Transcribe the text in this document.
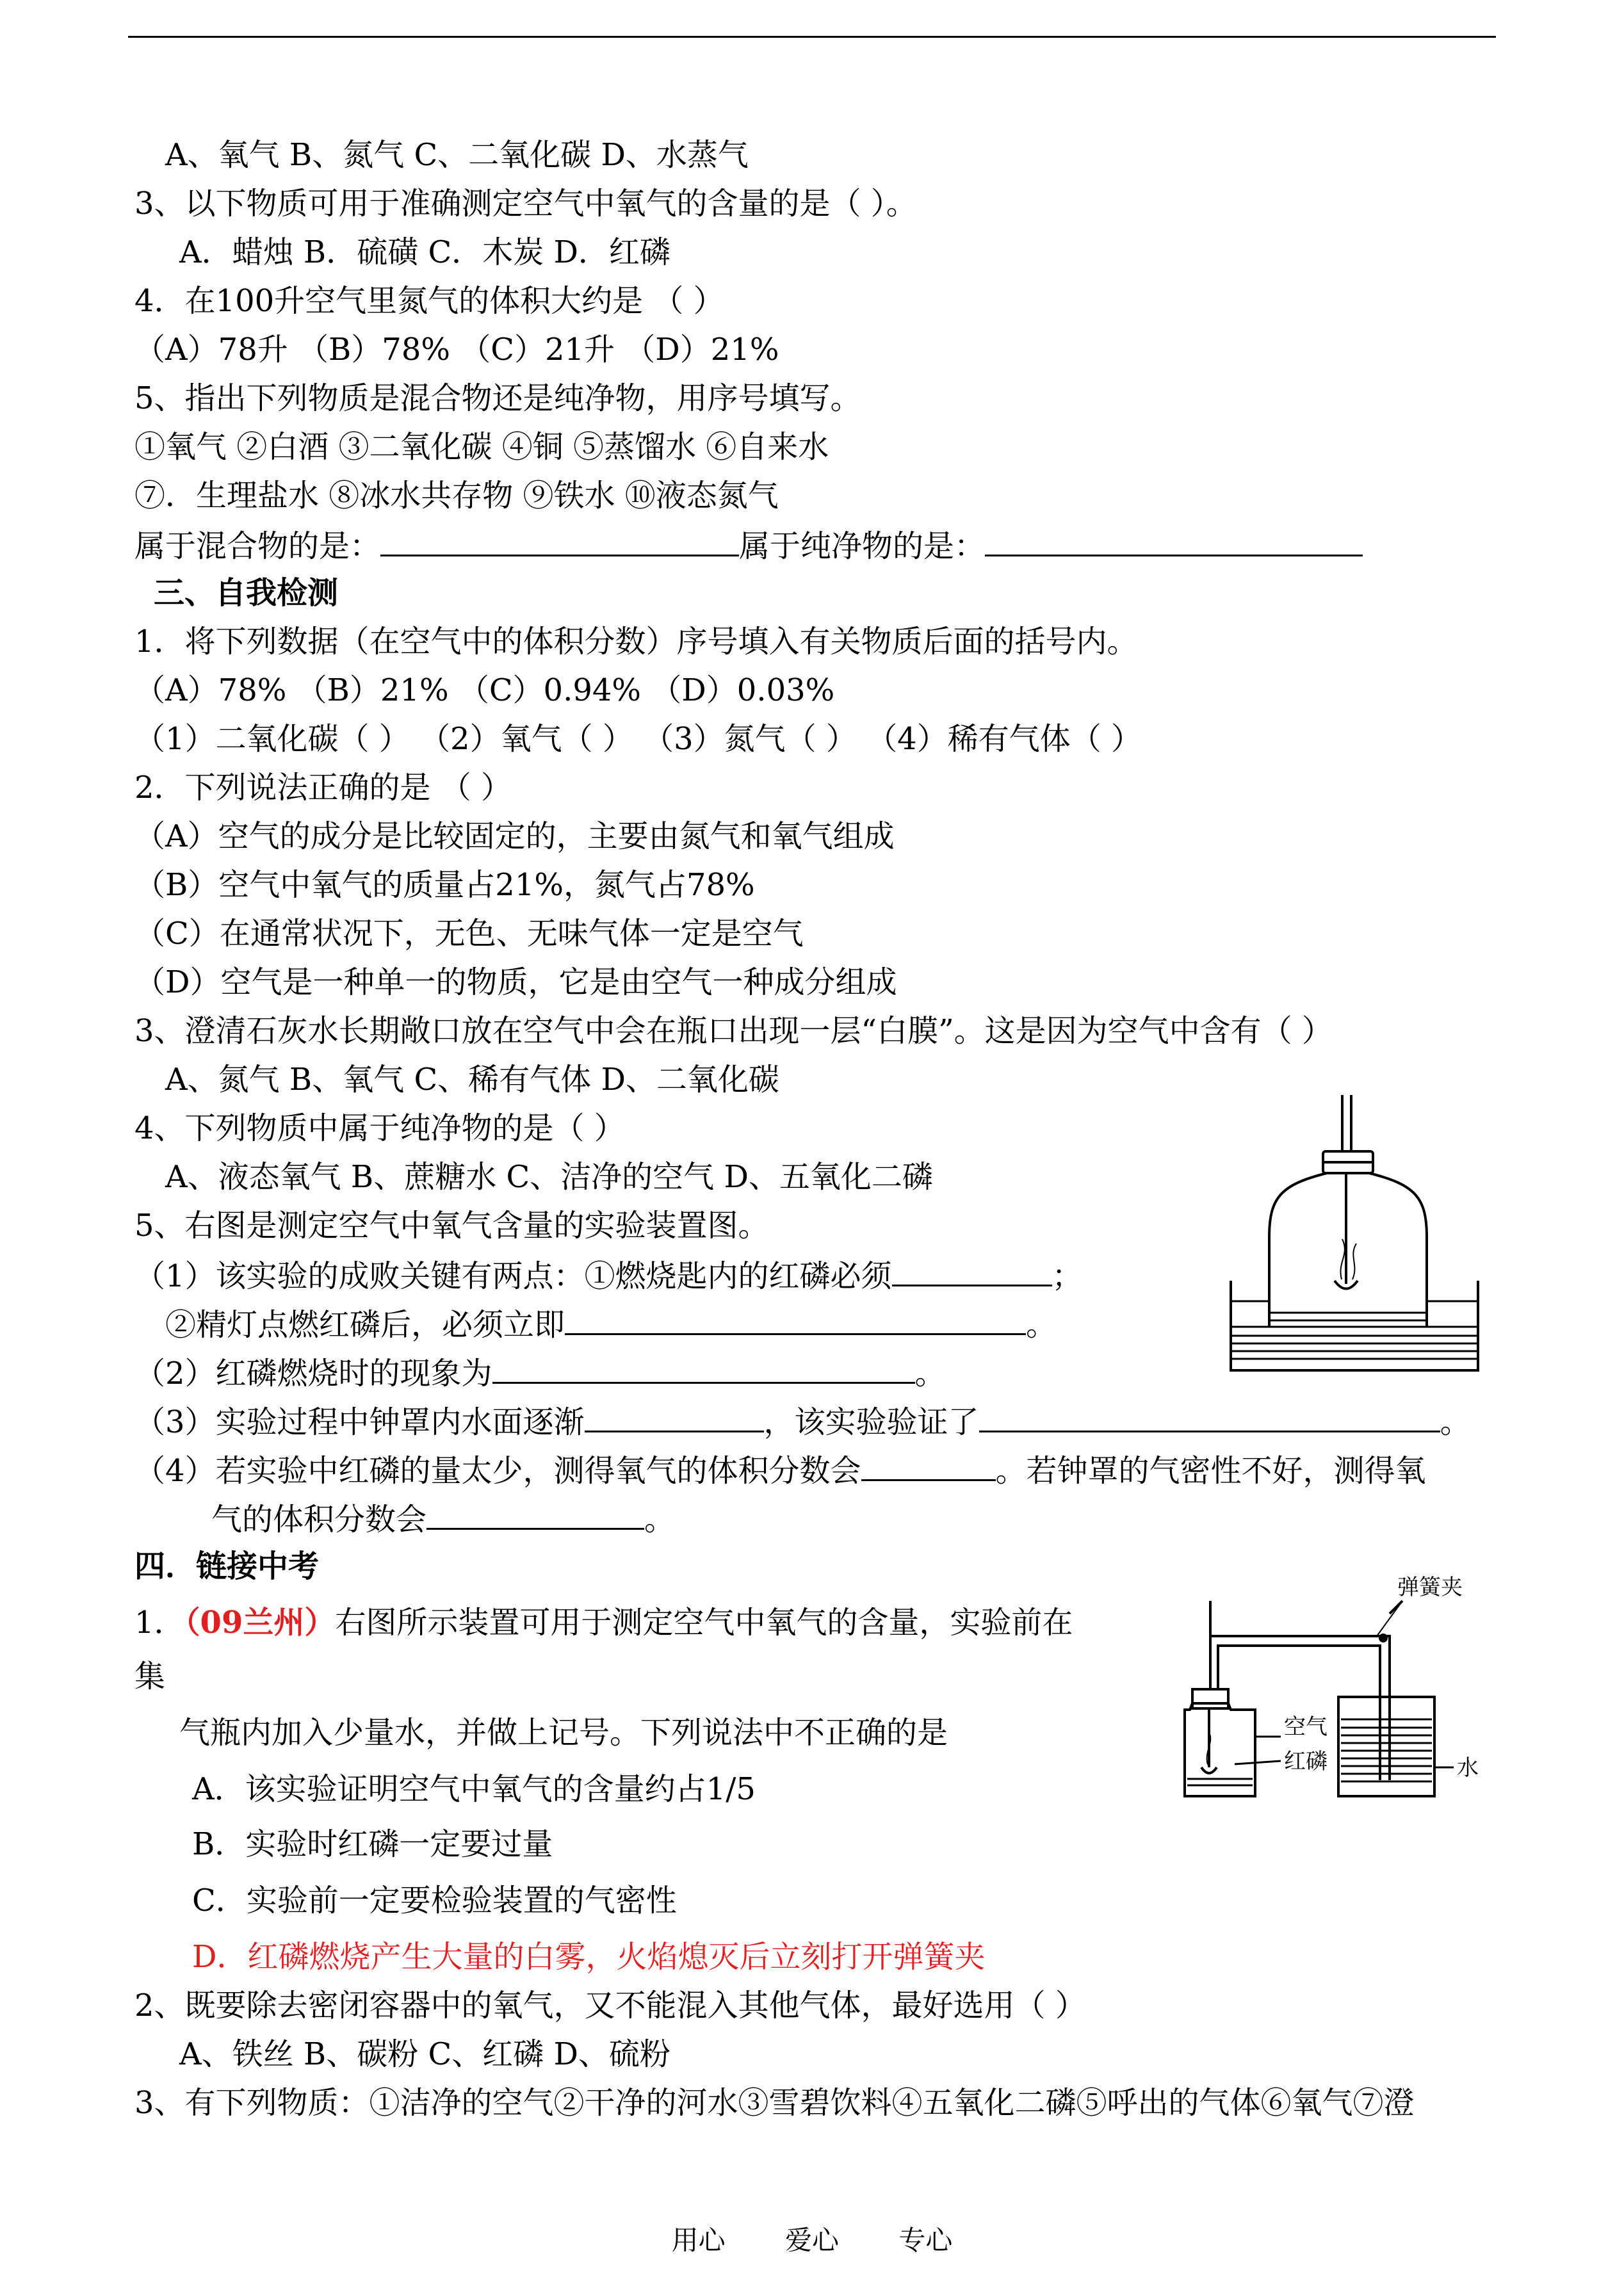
A、氧气 B、氮气 C、二氧化碳 D、水蒸气
3、以下物质可用于准确测定空气中氧气的含量的是（ ）。
A．蜡烛 B．硫磺 C．木炭 D．红磷
4．在100升空气里氮气的体积大约是 （ ）
（A）78升 （B）78% （C）21升 （D）21%
5、指出下列物质是混合物还是纯净物，用序号填写。
①氧气 ②白酒 ③二氧化碳 ④铜 ⑤蒸馏水 ⑥自来水
⑦．生理盐水 ⑧冰水共存物 ⑨铁水 ⑩液态氮气
属于混合物的是：	属于纯净物的是：
三、自我检测
1．将下列数据（在空气中的体积分数）序号填入有关物质后面的括号内。
（A）78% （B）21% （C）0.94% （D）0.03%
（1）二氧化碳（ ） （2）氧气（ ） （3）氮气（ ） （4）稀有气体（ ）
2．下列说法正确的是 （ ）
（A）空气的成分是比较固定的，主要由氮气和氧气组成
（B）空气中氧气的质量占21%，氮气占78%
（C）在通常状况下，无色、无味气体一定是空气
（D）空气是一种单一的物质，它是由空气一种成分组成
3、澄清石灰水长期敞口放在空气中会在瓶口出现一层“白膜”。这是因为空气中含有（ ）
A、氮气 B、氧气 C、稀有气体 D、二氧化碳
4、下列物质中属于纯净物的是（ ）
A、液态氧气 B、蔗糖水 C、洁净的空气 D、五氧化二磷
5、右图是测定空气中氧气含量的实验装置图。
（1）该实验的成败关键有两点：①燃烧匙内的红磷必须	；
②精灯点燃红磷后，必须立即	。
（2）红磷燃烧时的现象为	。
（3）实验过程中钟罩内水面逐渐	，该实验验证了	。
（4）若实验中红磷的量太少，测得氧气的体积分数会	。若钟罩的气密性不好，测得氧
气的体积分数会	。
四．链接中考
1．（09兰州）右图所示装置可用于测定空气中氧气的含量，实验前在
集
气瓶内加入少量水，并做上记号。下列说法中不正确的是
A．该实验证明空气中氧气的含量约占1/5
B．实验时红磷一定要过量
C．实验前一定要检验装置的气密性
D．红磷燃烧产生大量的白雾，火焰熄灭后立刻打开弹簧夹
2、既要除去密闭容器中的氧气，又不能混入其他气体，最好选用（ ）
A、铁丝 B、碳粉 C、红磷 D、硫粉
3、有下列物质：①洁净的空气②干净的河水③雪碧饮料④五氧化二磷⑤呼出的气体⑥氧气⑦澄
弹簧夹
空气
红磷	水
用心 爱心 专心
